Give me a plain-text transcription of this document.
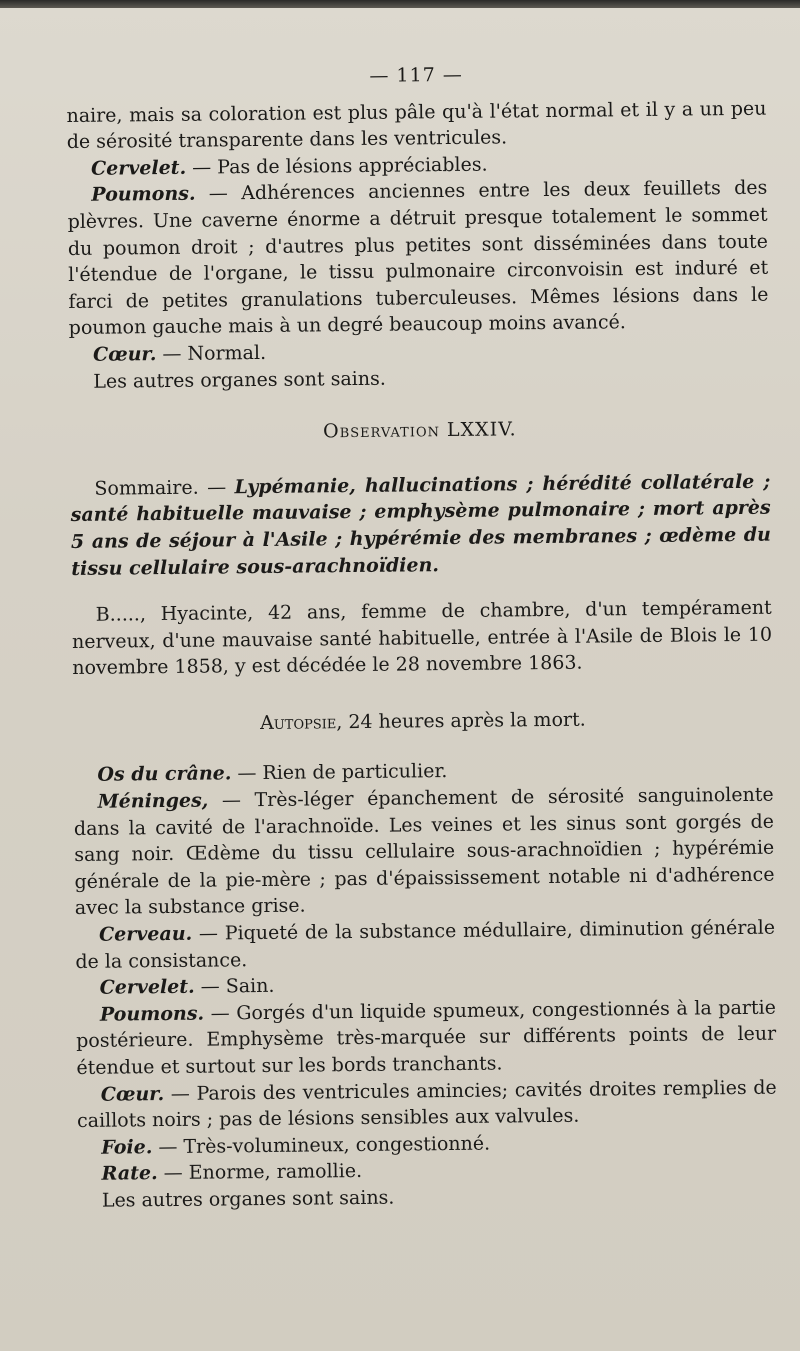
— 117 —

naire, mais sa coloration est plus pâle qu'à l'état normal et il y a un peu de sérosité transparente dans les ventricules.

Cervelet. — Pas de lésions appréciables.

Poumons. — Adhérences anciennes entre les deux feuillets des plèvres. Une caverne énorme a détruit presque totalement le sommet du poumon droit ; d'autres plus petites sont disséminées dans toute l'étendue de l'organe, le tissu pulmonaire circonvoisin est induré et farci de petites granulations tuberculeuses. Mêmes lésions dans le poumon gauche mais à un degré beaucoup moins avancé.

Cœur. — Normal.

Les autres organes sont sains.

Observation LXXIV.

Sommaire. — Lypémanie, hallucinations ; hérédité collatérale ; santé habituelle mauvaise ; emphysème pulmonaire ; mort après 5 ans de séjour à l'Asile ; hypérémie des membranes ; œdème du tissu cellulaire sous-arachnoïdien.

B....., Hyacinte, 42 ans, femme de chambre, d'un tempérament nerveux, d'une mauvaise santé habituelle, entrée à l'Asile de Blois le 10 novembre 1858, y est décédée le 28 novembre 1863.

Autopsie, 24 heures après la mort.

Os du crâne. — Rien de particulier.

Méninges, — Très-léger épanchement de sérosité sanguinolente dans la cavité de l'arachnoïde. Les veines et les sinus sont gorgés de sang noir. Œdème du tissu cellulaire sous-arachnoïdien ; hypérémie générale de la pie-mère ; pas d'épaississement notable ni d'adhérence avec la substance grise.

Cerveau. — Piqueté de la substance médullaire, diminution générale de la consistance.

Cervelet. — Sain.

Poumons. — Gorgés d'un liquide spumeux, congestionnés à la partie postérieure. Emphysème très-marquée sur différents points de leur étendue et surtout sur les bords tranchants.

Cœur. — Parois des ventricules amincies; cavités droites remplies de caillots noirs ; pas de lésions sensibles aux valvules.

Foie. — Très-volumineux, congestionné.

Rate. — Enorme, ramollie.

Les autres organes sont sains.
